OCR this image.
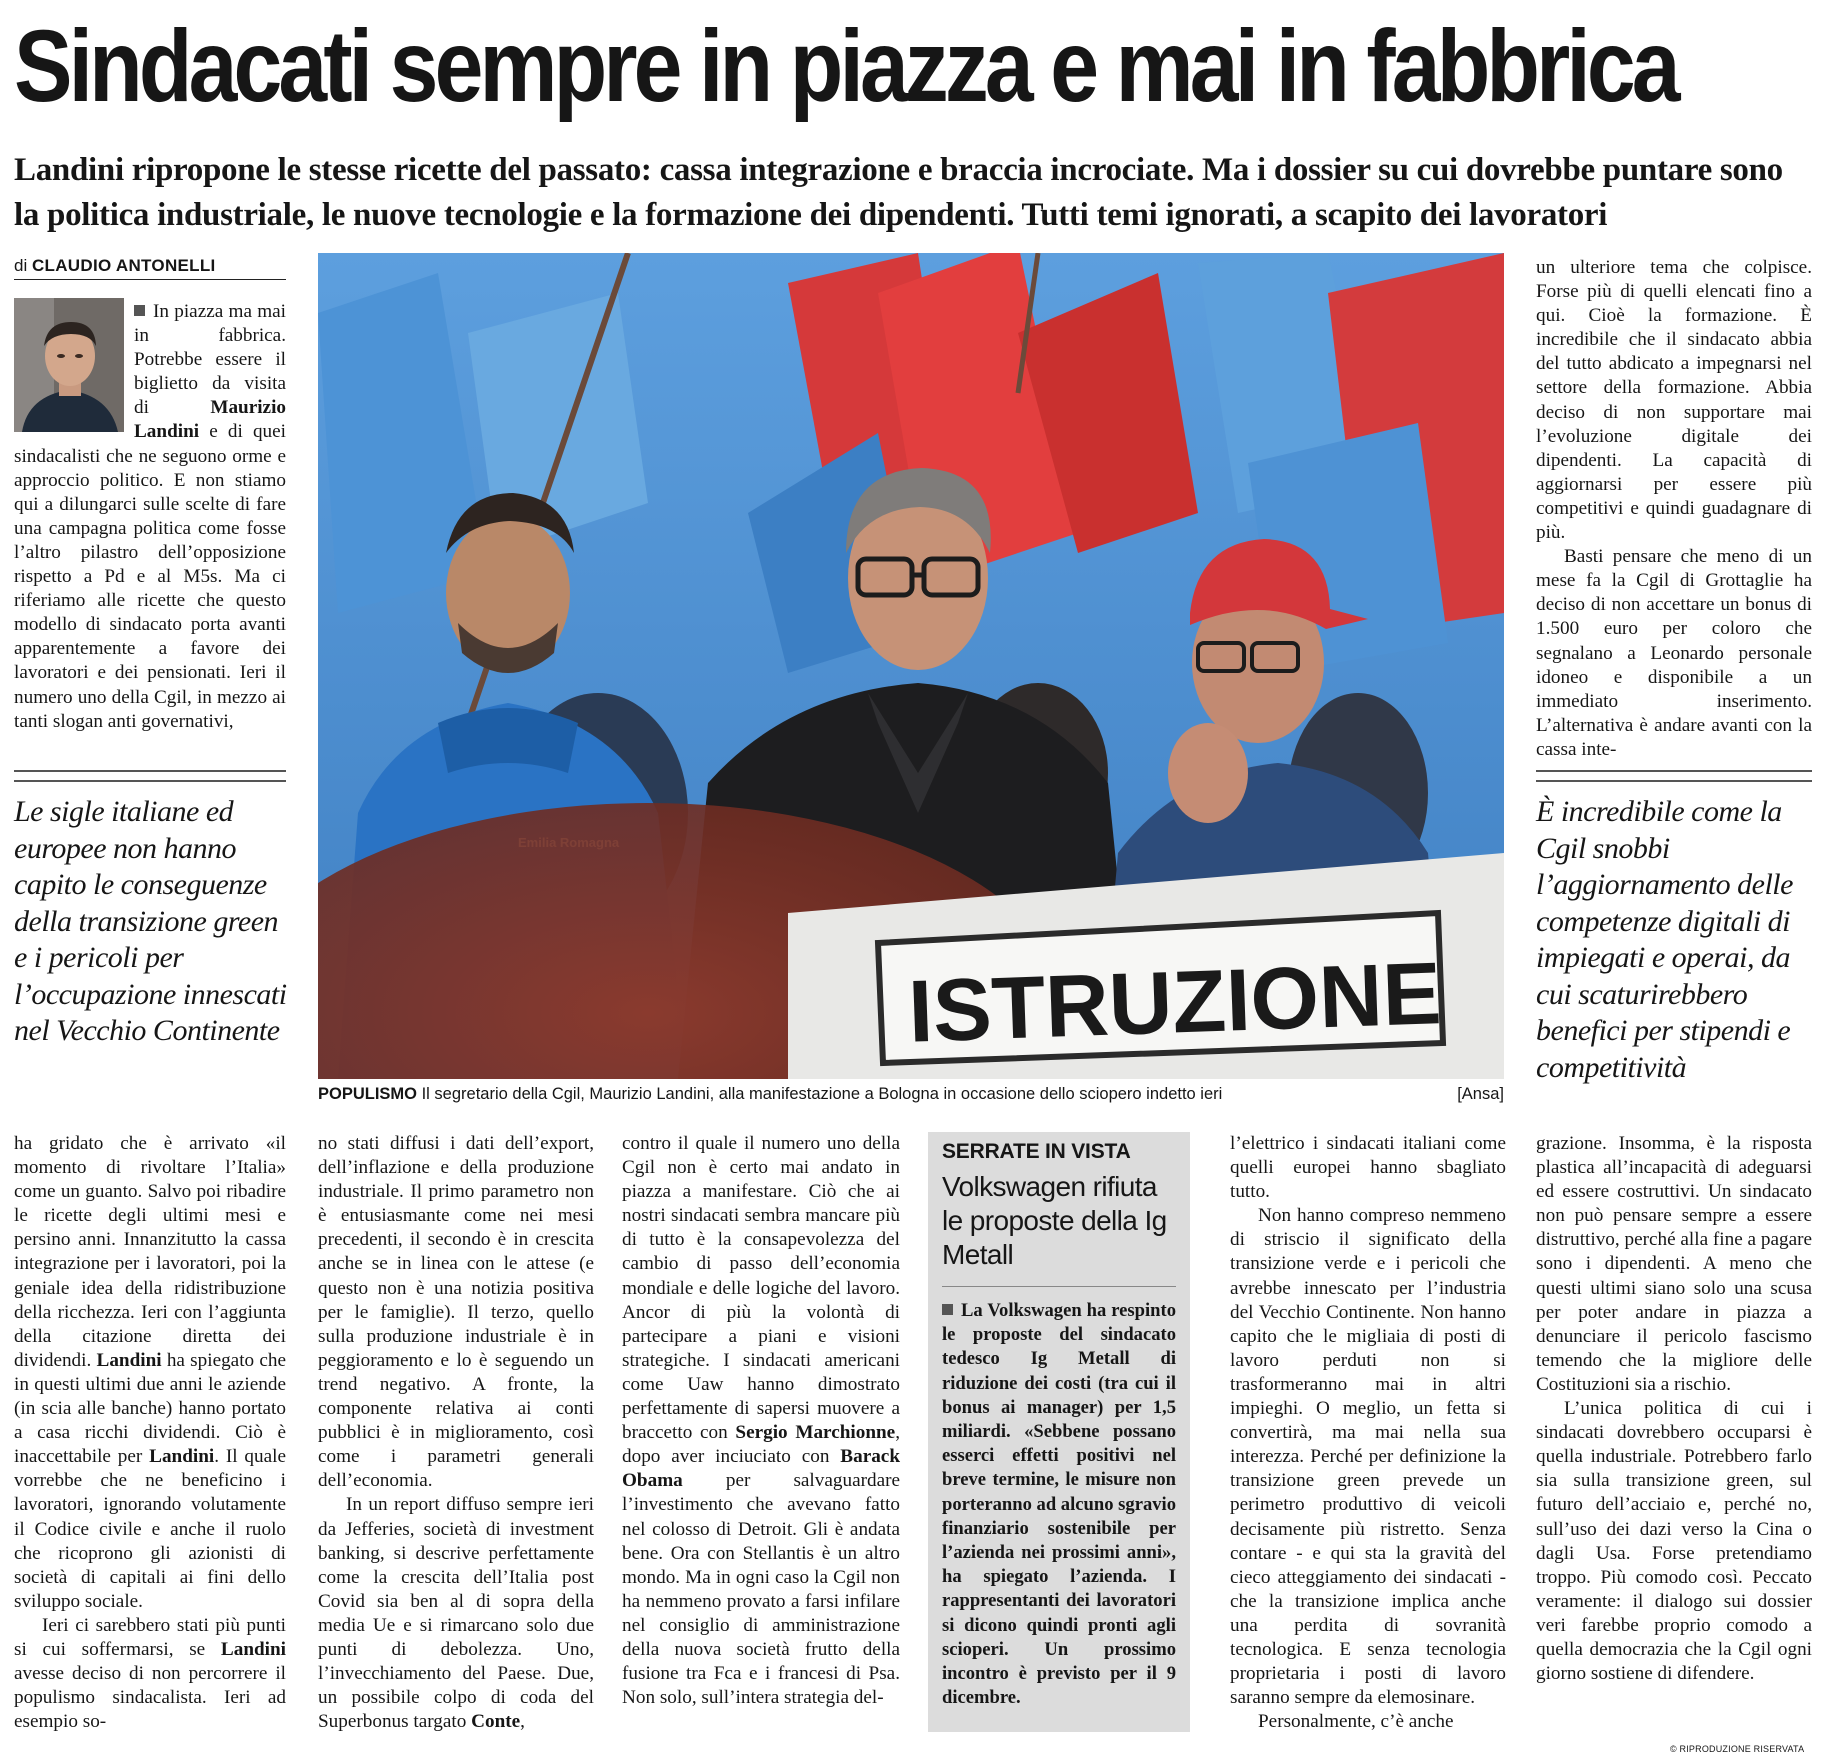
Sindacati sempre in piazza e mai in fabbrica
Landini ripropone le stesse ricette del passato: cassa integrazione e braccia incrociate. Ma i dossier su cui dovrebbe puntare sono la politica industriale, le nuove tecnologie e la formazione dei dipendenti. Tutti temi ignorati, a scapito dei lavoratori
di CLAUDIO ANTONELLI

In piazza ma mai in fabbrica. Potrebbe essere il biglietto da visita di Maurizio Landini e di quei sindacalisti che ne seguono orme e approccio politico. E non stiamo qui a dilungarci sulle scelte di fare una campagna politica come fosse l’altro pilastro dell’opposizione rispetto a Pd e al M5s. Ma ci riferiamo alle ricette che questo modello di sindacato porta avanti apparentemente a favore dei lavoratori e dei pensionati. Ieri il numero uno della Cgil, in mezzo ai tanti slogan anti governativi,

Le sigle italiane ed europee non hanno capito le conseguenze della transizione green e i pericoli per l’occupazione innescati nel Vecchio Continente	ISTRUZIONE
POPULISMO Il segretario della Cgil, Maurizio Landini, alla manifestazione a Bologna in occasione dello sciopero indetto ieri	[Ansa]

un ulteriore tema che colpisce. Forse più di quelli elencati fino a qui. Cioè la formazione. È incredibile che il sindacato abbia del tutto abdicato a impegnarsi nel settore della formazione. Abbia deciso di non supportare mai l’evoluzione digitale dei dipendenti. La capacità di aggiornarsi per essere più competitivi e quindi guadagnare di più.

Basti pensare che meno di un mese fa la Cgil di Grottaglie ha deciso di non accettare un bonus di 1.500 euro per coloro che segnalano a Leonardo personale idoneo e disponibile a un immediato inserimento. L’alternativa è andare avanti con la cassa inte-

È incredibile come la Cgil snobbi l’aggiornamento delle competenze digitali di impiegati e operai, da cui scaturirebbero benefici per stipendi e competitività

ha gridato che è arrivato «il momento di rivoltare l’Italia» come un guanto. Salvo poi ribadire le ricette degli ultimi mesi e persino anni. Innanzitutto la cassa integrazione per i lavoratori, poi la geniale idea della ridistribuzione della ricchezza. Ieri con l’aggiunta della citazione diretta dei dividendi. Landini ha spiegato che in questi ultimi due anni le aziende (in scia alle banche) hanno portato a casa ricchi dividendi. Ciò è inaccettabile per Landini. Il quale vorrebbe che ne beneficino i lavoratori, ignorando volutamente il Codice civile e anche il ruolo che ricoprono gli azionisti di società di capitali ai fini dello sviluppo sociale.

Ieri ci sarebbero stati più punti si cui soffermarsi, se Landini avesse deciso di non percorrere il populismo sindacalista. Ieri ad esempio so-

no stati diffusi i dati dell’export, dell’inflazione e della produzione industriale. Il primo parametro non è entusiasmante come nei mesi precedenti, il secondo è in crescita anche se in linea con le attese (e questo non è una notizia positiva per le famiglie). Il terzo, quello sulla produzione industriale è in peggioramento e lo è seguendo un trend negativo. A fronte, la componente relativa ai conti pubblici è in miglioramento, così come i parametri generali dell’economia.

In un report diffuso sempre ieri da Jefferies, società di investment banking, si descrive perfettamente come la crescita dell’Italia post Covid sia ben al di sopra della media Ue e si rimarcano solo due punti di debolezza. Uno, l’invecchiamento del Paese. Due, un possibile colpo di coda del Superbonus targato Conte,

contro il quale il numero uno della Cgil non è certo mai andato in piazza a manifestare. Ciò che ai nostri sindacati sembra mancare più di tutto è la consapevolezza del cambio di passo dell’economia mondiale e delle logiche del lavoro. Ancor di più la volontà di partecipare a piani e visioni strategiche. I sindacati americani come Uaw hanno dimostrato perfettamente di sapersi muovere a braccetto con Sergio Marchionne, dopo aver inciuciato con Barack Obama per salvaguardare l’investimento che avevano fatto nel colosso di Detroit. Gli è andata bene. Ora con Stellantis è un altro mondo. Ma in ogni caso la Cgil non ha nemmeno provato a farsi infilare nel consiglio di amministrazione della nuova società frutto della fusione tra Fca e i francesi di Psa. Non solo, sull’intera strategia del-

SERRATE IN VISTA
Volkswagen rifiuta le proposte della Ig Metall
La Volkswagen ha respinto le proposte del sindacato tedesco Ig Metall di riduzione dei costi (tra cui il bonus ai manager) per 1,5 miliardi. «Sebbene possano esserci effetti positivi nel breve termine, le misure non porteranno ad alcuno sgravio finanziario sostenibile per l’azienda nei prossimi anni», ha spiegato l’azienda. I rappresentanti dei lavoratori si dicono quindi pronti agli scioperi. Un prossimo incontro è previsto per il 9 dicembre.

l’elettrico i sindacati italiani come quelli europei hanno sbagliato tutto.

Non hanno compreso nemmeno di striscio il significato della transizione verde e i pericoli che avrebbe innescato per l’industria del Vecchio Continente. Non hanno capito che le migliaia di posti di lavoro perduti non si trasformeranno mai in altri impieghi. O meglio, un fetta si convertirà, ma mai nella sua interezza. Perché per definizione la transizione green prevede un perimetro produttivo di veicoli decisamente più ristretto. Senza contare - e qui sta la gravità del cieco atteggiamento dei sindacati - che la transizione implica anche una perdita di sovranità tecnologica. E senza tecnologia proprietaria i posti di lavoro saranno sempre da elemosinare.

Personalmente, c’è anche

grazione. Insomma, è la risposta plastica all’incapacità di adeguarsi ed essere costruttivi. Un sindacato non può pensare sempre a essere distruttivo, perché alla fine a pagare sono i dipendenti. A meno che questi ultimi siano solo una scusa per poter andare in piazza a denunciare il pericolo fascismo temendo che la migliore delle Costituzioni sia a rischio.

L’unica politica di cui i sindacati dovrebbero occuparsi è quella industriale. Potrebbero farlo sia sulla transizione green, sul futuro dell’acciaio e, perché no, sull’uso dei dazi verso la Cina o dagli Usa. Forse pretendiamo troppo. Più comodo così. Peccato veramente: il dialogo sui dossier veri farebbe proprio comodo a quella democrazia che la Cgil ogni giorno sostiene di difendere.

© RIPRODUZIONE RISERVATA
